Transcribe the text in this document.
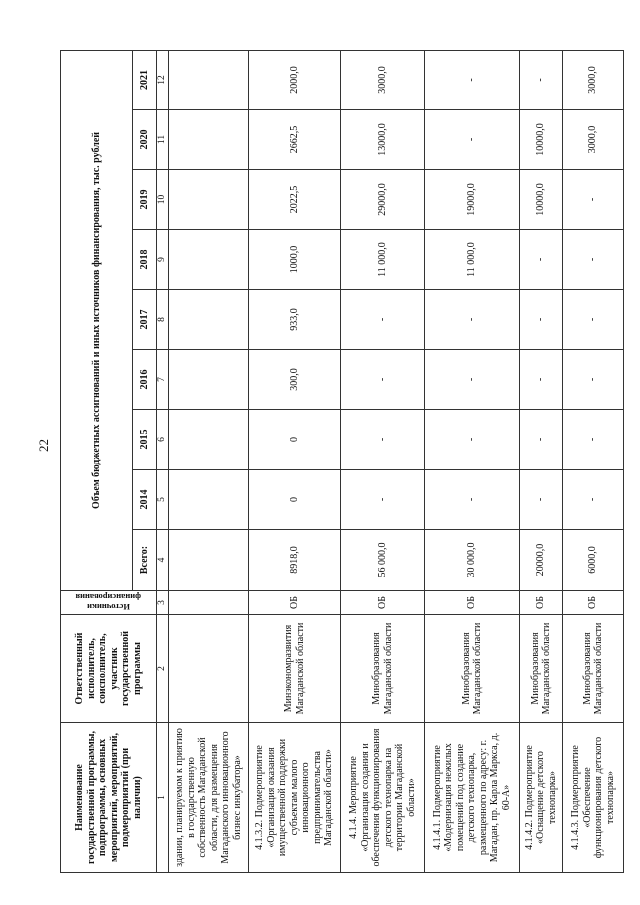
22
Наименование государственной программы, подпрограммы, основных мероприятий, мероприятий, подмероприятий (при наличии)	Ответственный исполнитель, соисполнитель, участник государственной программы	Источники финансирования	Объем бюджетных ассигнований и иных источников финансирования, тыс. рублей								
			Всего:	2014	2015	2016	2017	2018	2019	2020	2021
1	2	3	4	5	6	7	8	9	10	11	12
здании, планируемом к приятию в государственную собственность Магаданской области, для размещения Магаданского инновационного бизнес инкубатора»											
4.1.3.2. Подмероприятие «Организация оказания имущественной поддержки субъектам малого инновационного предпринимательства Магаданской области»	Минэкономразвития Магаданской области	ОБ	8918,0	0	0	300,0	933,0	1000,0	2022,5	2662,5	2000,0
4.1.4. Мероприятие «Организация создания и обеспечения функционирования детского технопарка на территории Магаданской области»	Минобразования Магаданской области	ОБ	56 000,0	-	-	-	-	11 000,0	29000,0	13000,0	3000,0
4.1.4.1. Подмероприятие «Модернизация нежилых помещений под создание детского технопарка, размещенного по адресу: г. Магадан, пр. Карла Маркса, д. 60-А»	Минобразования Магаданской области	ОБ	30 000,0	-	-	-	-	11 000,0	19000,0	-	-
4.1.4.2. Подмероприятие «Оснащение детского технопарка»	Минобразования Магаданской области	ОБ	20000,0	-	-	-	-	-	10000,0	10000,0	-
4.1.4.3. Подмероприятие «Обеспечение функционирования детского технопарка»	Минобразования Магаданской области	ОБ	6000,0	-	-	-	-	-	-	3000,0	3000,0
